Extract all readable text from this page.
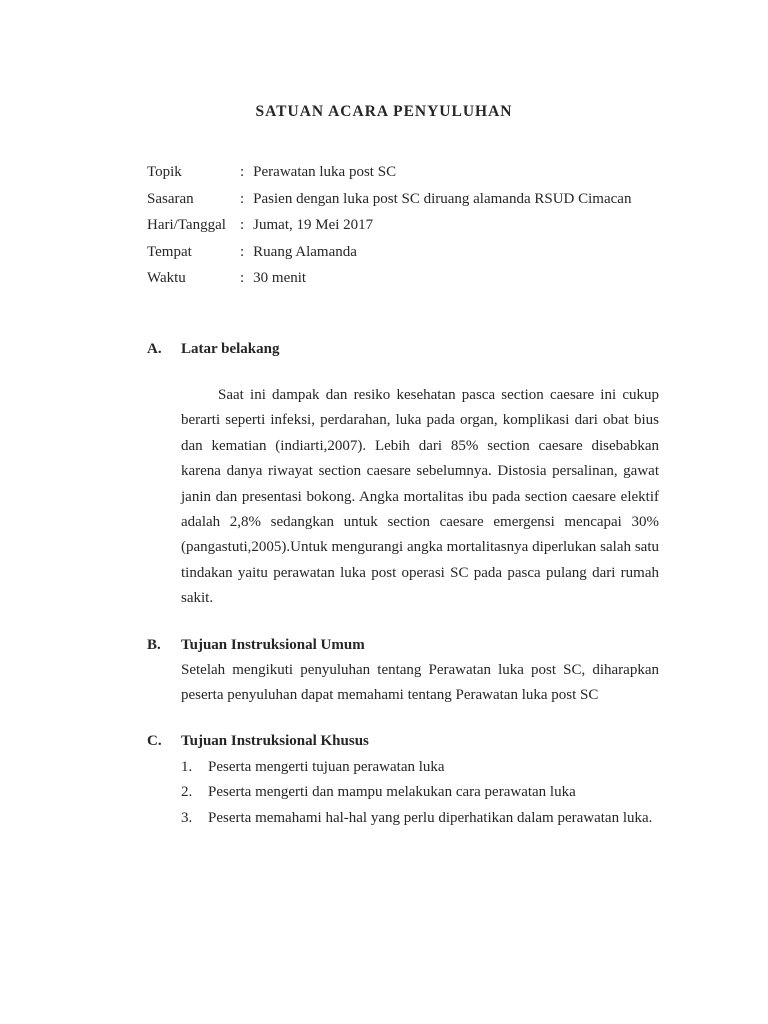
SATUAN ACARA PENYULUHAN
Topik	: Perawatan luka post SC
Sasaran	: Pasien dengan luka post SC diruang alamanda RSUD Cimacan
Hari/Tanggal : Jumat, 19 Mei 2017
Tempat	: Ruang Alamanda
Waktu	: 30 menit
A.	Latar belakang
Saat ini dampak dan resiko kesehatan pasca section caesare ini cukup berarti seperti infeksi, perdarahan, luka pada organ, komplikasi dari obat bius dan kematian (indiarti,2007). Lebih dari 85% section caesare disebabkan karena danya riwayat section caesare sebelumnya. Distosia persalinan, gawat janin dan presentasi bokong. Angka mortalitas ibu pada section caesare elektif adalah 2,8% sedangkan untuk section caesare emergensi mencapai 30% (pangastuti,2005).Untuk mengurangi angka mortalitasnya diperlukan salah satu tindakan yaitu perawatan luka post operasi SC pada pasca pulang dari rumah sakit.
B.	Tujuan Instruksional Umum
Setelah mengikuti penyuluhan tentang Perawatan luka post SC, diharapkan peserta penyuluhan dapat memahami tentang Perawatan luka post SC
C.	Tujuan Instruksional Khusus
1.	Peserta mengerti tujuan perawatan luka
2.	Peserta mengerti dan mampu melakukan cara perawatan luka
3.	Peserta memahami hal-hal yang perlu diperhatikan dalam perawatan luka.
